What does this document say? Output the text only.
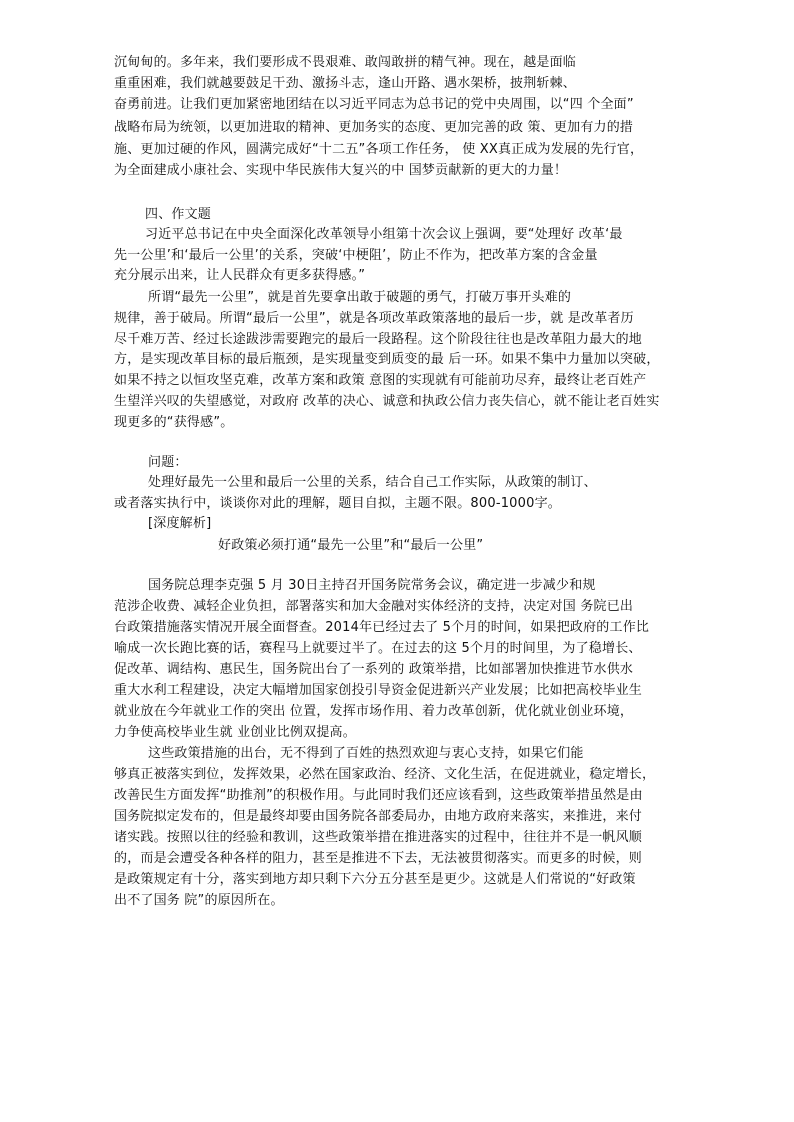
沉甸甸的。多年来，我们要形成不畏艰难、敢闯敢拼的精气神。现在，越是面临
重重困难，我们就越要鼓足干劲、激扬斗志，逢山开路、遇水架桥，披荆斩棘、
奋勇前进。让我们更加紧密地团结在以习近平同志为总书记的党中央周围，以“四 个全面”
战略布局为统领，以更加进取的精神、更加务实的态度、更加完善的政 策、更加有力的措
施、更加过硬的作风，圆满完成好“十二五”各项工作任务， 使 XX真正成为发展的先行官，
为全面建成小康社会、实现中华民族伟大复兴的中 国梦贡献新的更大的力量！
四、作文题
习近平总书记在中央全面深化改革领导小组第十次会议上强调，要“处理好 改革‘最
先一公里’和‘最后一公里’的关系，突破‘中梗阻’，防止不作为，把改革方案的含金量
充分展示出来，让人民群众有更多获得感。”
所谓“最先一公里”，就是首先要拿出敢于破题的勇气，打破万事开头难的
规律，善于破局。所谓“最后一公里”，就是各项改革政策落地的最后一步，就 是改革者历
尽千难万苦、经过长途跋涉需要跑完的最后一段路程。这个阶段往往也是改革阻力最大的地
方，是实现改革目标的最后瓶颈，是实现量变到质变的最 后一环。如果不集中力量加以突破，
如果不持之以恒攻坚克难，改革方案和政策 意图的实现就有可能前功尽弃，最终让老百姓产
生望洋兴叹的失望感觉，对政府 改革的决心、诚意和执政公信力丧失信心，就不能让老百姓实
现更多的“获得感”。
问题：
处理好最先一公里和最后一公里的关系，结合自己工作实际，从政策的制订、
或者落实执行中，谈谈你对此的理解，题目自拟，主题不限。800-1000字。
[深度解析]
好政策必须打通“最先一公里”和“最后一公里”
国务院总理李克强 5 月 30日主持召开国务院常务会议，确定进一步减少和规
范涉企收费、减轻企业负担，部署落实和加大金融对实体经济的支持，决定对国 务院已出
台政策措施落实情况开展全面督查。2014年已经过去了 5个月的时间，如果把政府的工作比
喻成一次长跑比赛的话，赛程马上就要过半了。在过去的这 5个月的时间里，为了稳增长、
促改革、调结构、惠民生，国务院出台了一系列的 政策举措，比如部署加快推进节水供水
重大水利工程建设，决定大幅增加国家创投引导资金促进新兴产业发展；比如把高校毕业生
就业放在今年就业工作的突出 位置，发挥市场作用、着力改革创新，优化就业创业环境，
力争使高校毕业生就 业创业比例双提高。
这些政策措施的出台，无不得到了百姓的热烈欢迎与衷心支持，如果它们能
够真正被落实到位，发挥效果，必然在国家政治、经济、文化生活，在促进就业，稳定增长，
改善民生方面发挥“助推剂”的积极作用。与此同时我们还应该看到，这些政策举措虽然是由
国务院拟定发布的，但是最终却要由国务院各部委局办，由地方政府来落实，来推进，来付
诸实践。按照以往的经验和教训，这些政策举措在推进落实的过程中，往往并不是一帆风顺
的，而是会遭受各种各样的阻力，甚至是推进不下去，无法被贯彻落实。而更多的时候，则
是政策规定有十分，落实到地方却只剩下六分五分甚至是更少。这就是人们常说的“好政策
出不了国务 院”的原因所在。
